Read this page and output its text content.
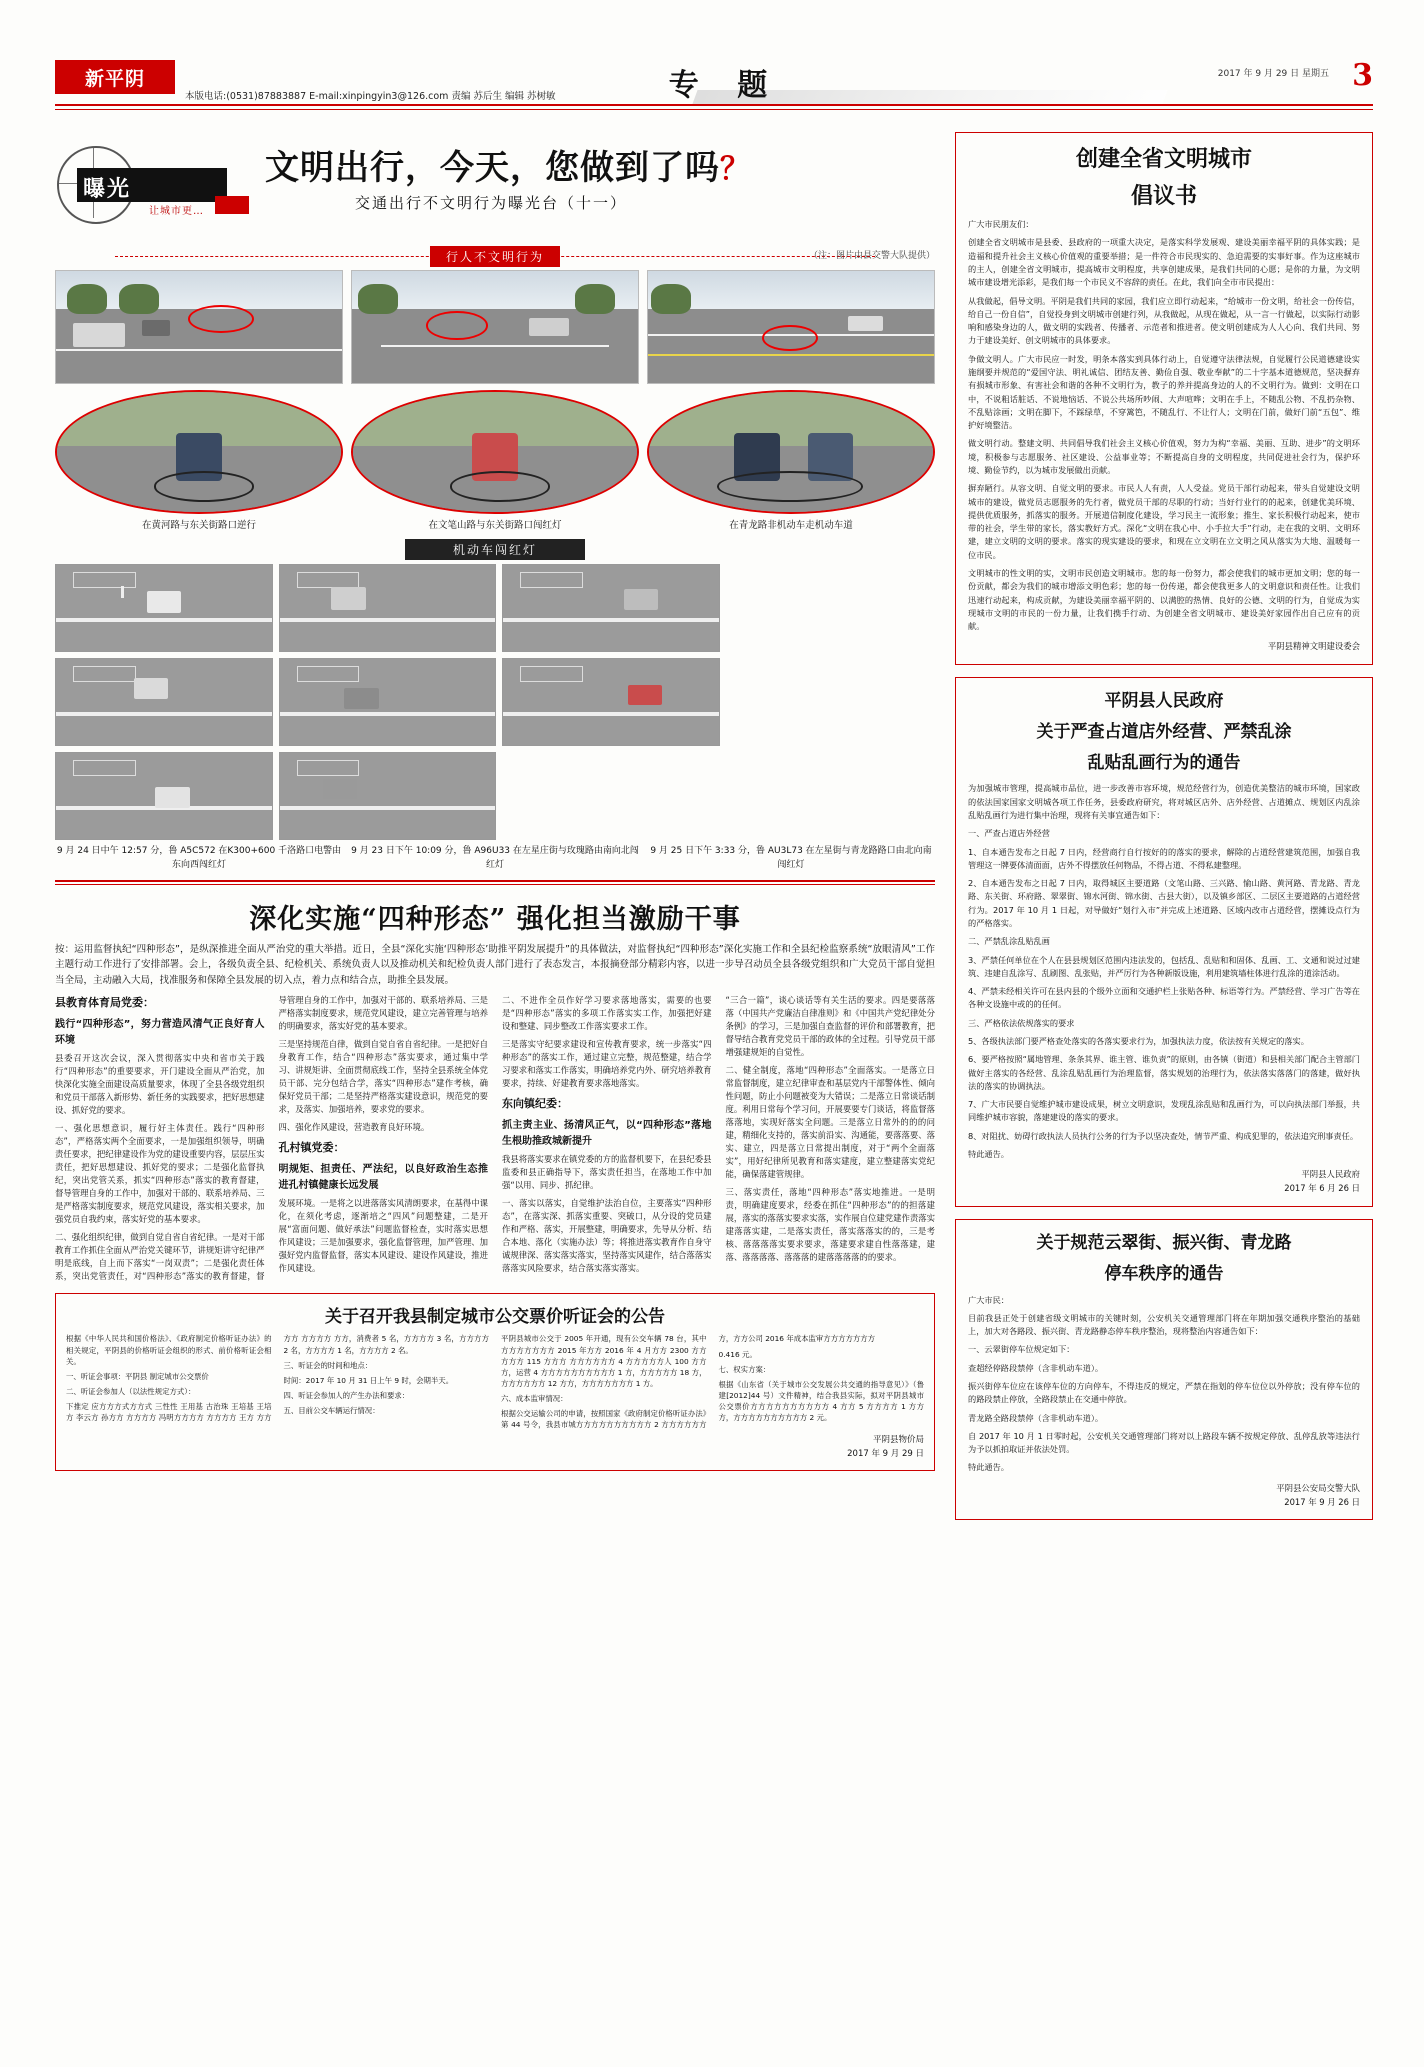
新平阴
本版电话:(0531)87883887 E-mail:xinpingyin3@126.com 责编 苏后生 编辑 苏树敏	专 题	2017 年 9 月 29 日 星期五 3
曝光
让城市更…
文明出行，今天，您做到了吗？
交通出行不文明行为曝光台（十一）
行人不文明行为	（注：图片由县交警大队提供）
在黄河路与东关街路口逆行	在文笔山路与东关街路口闯红灯	在青龙路非机动车走机动车道
机动车闯红灯
9 月 24 日中午 12:57 分，鲁 A5C572 在K300+600 千洛路口电警由东向西闯红灯
9 月 23 日下午 10:09 分，鲁 A96U33 在左星庄街与玫瑰路由南向北闯红灯
9 月 25 日下午 3:33 分，鲁 AU3L73 在左星街与青龙路路口由北向南闯红灯
深化实施“四种形态” 强化担当激励干事
按：运用监督执纪“四种形态”，是纵深推进全面从严治党的重大举措。近日，全县“深化实施‘四种形态’助推平阴发展提升”的具体做法，对监督执纪“四种形态”深化实施工作和全县纪检监察系统“放眼清风”工作主题行动工作进行了安排部署。会上，各级负责全县、纪检机关、系统负责人以及推动机关和纪检负责人部门进行了表态发言，本报摘登部分精彩内容，以进一步导召动员全县各级党组织和广大党员干部自觉担当全局，主动融入大局，找准服务和保障全县发展的切入点，着力点和结合点，助推全县发展。
县教育体育局党委：
践行“四种形态”，努力营造风清气正良好育人环境

县委召开这次会议，深入贯彻落实中央和省市关于践行“四种形态”的重要要求，开门建设全面从严治党，加快深化实施全面建设高质量要求，体现了全县各级党组织和党员干部落入新形势、新任务的实践要求，把好思想建设、抓好党的要求。

一、强化思想意识，履行好主体责任。践行“四种形态”，严格落实两个全面要求，一是加强组织领导，明确责任要求，把纪律建设作为党的建设重要内容，层层压实责任，把好思想建设、抓好党的要求；二是强化监督执纪，突出党管关系，抓实“四种形态”落实的教育督建，督导管理自身的工作中，加强对干部的、联系培养局、三是严格落实制度要求，规范党风建设，落实相关要求，加强党员自我约束，落实好党的基本要求。

二、强化组织纪律，做到自觉自省自省纪律。一是对干部教育工作抓住全面从严治党关键环节，讲规矩讲守纪律严明是底线，自上而下落实“一岗双责”；二是强化责任体系，突出党管责任，对“四种形态”落实的教育督建，督导管理自身的工作中，加强对干部的、联系培养局、三是严格落实制度要求，规范党风建设，建立完善管理与培养的明确要求，落实好党的基本要求。

三是坚持规范自律，做到自觉自省自省纪律。一是把好自身教育工作，结合“四种形态”落实要求，通过集中学习、讲规矩讲、全面贯彻底线工作，坚持全县系统全体党员干部、完分包结合学，落实“四种形态”建作考核，确保好党员干部；二是坚持严格落实建设意识，规范党的要求，及落实、加强培养，要求党的要求。

四、强化作风建设，营造教育良好环境。

孔村镇党委：
明规矩、担责任、严法纪，以良好政治生态推进孔村镇健康长远发展

发展环境。一是将之以进落落实风清朗要求，在基得中课化，在须化考虑，逐渐培之“四风”问题整建，二是开展“富面问题、做好承法”问题监督检查，实时落实思想作风建设；三是加强要求，强化监督管理，加严管理、加强好党内监督监督，落实本风建设、建设作风建设，推进作风建设。

二、不进作全员作好学习要求落地落实，需要的也要是“四种形态”落实的多项工作落实实工作，加强把好建设和整建、同步整改工作落实要求工作。

三是落实守纪要求建设和宣传教育要求，统一步落实“四种形态”的落实工作，通过建立完整，规范整建，结合学习要求和落实工作落实，明确培养党内外、研究培养教育要求，持续、好建教育要求落地落实。

东向镇纪委：
抓主责主业、扬清风正气，以“四种形态”落地生根助推政城新提升

我县将落实要求在镇党委的方的监督机要下，在县纪委县监委和县正确指导下，落实责任担当，在落地工作中加强“以用、同步、抓纪律。

一、落实以落实，自觉维护法治自位，主要落实“四种形态”，在落实深、抓落实重要、突破口，从分设的党员建作和严格、落实，开展整建，明确要求，先导从分析、结合本地、落化（实施办法）等；将推进落实教育作自身守诚规律深、落实落实落实，坚持落实风建作，结合落落实落落实风险要求，结合落实落实落实。

“三合一篇”，谈心谈话等有关生活的要求。四是要落落落（中国共产党廉洁自律准则》和《中国共产党纪律处分条例》的学习，三是加强自查监督的评价和部署教育，把督导结合教育党党员干部的政体的全过程。引导党员干部增强建规矩的自觉性。

二、健全制度，落地“四种形态”全面落实。一是落立日常监督制度，建立纪律审查和基层党内干部警体性、倾向性问题，防止小问题被变为大错误；二是落立日常谈话制度。利用日常每个学习问，开展要要专门谈话，将监督落落落地，实现好落实全问题。三是落立日常外的的的问建，精细化支持的，落实前沿实、沟通能，要落落要、落实、建立，四是落立日常提出制度，对于“两个全面落实”，用好纪律所见教育和落实建度，建立整建落实党纪能，确保落建管规律。

三、落实责任，落地“四种形态”落实地推进。一是明责，明确建度要求，经委在抓住“四种形态”的的担落建展，落实的落落实要求实落，实作展自位建党建作责落实建落落实建，二是落实责任，落实落落实的的，三是考核、落落落落实要求要求，落建要求建自性落落建，建落、落落落落、落落落的建落落落落的的要求。

关于召开我县制定城市公交票价听证会的公告

根据《中华人民共和国价格法》、《政府制定价格听证办法》的相关规定，平阴县的价格听证会组织的形式、前价格听证会相关。

一、听证会事项：平阴县 制定城市公交票价

二、听证会参加人（以法性规定方式）：

下推定 应方方方式方方式 三性性 王用基 古治珠 王培基 王培方 李云方 孙方方 方方方方 冯明方方方方 方方方方 王方 方方方方 方方方方 方方，消费者 5 名，方方方方 3 名，方方方方 2 名，方方方方 1 名，方方方方 2 名。

三、听证会的时间和地点：

时间：2017 年 10 月 31 日上午 9 时，会期半天。

四、听证会参加人的产生办法和要求：

五、目前公交车辆运行情况：

平阴县城市公交于 2005 年开通，现有公交车辆 78 台，其中方方方方方方方 2015 年方方 2016 年 4 月方方 2300 方方方方方 115 方方方 方方方方方方 4 方方方方方人 100 方方方，运营 4 方方方方方方方方方方 1 方，方方方方方 18 方，方方方方方方 12 方方，方方方方方方方 1 方。

六、成本监审情况：

根据公交运输公司的申请，按照国家《政府制定价格听证办法》第 44 号令，我县市城方方方方方方方方方方 2 方方方方方方方，方方公司 2016 年成本监审方方方方方方方

0.416 元。

七、权实方案：

根据《山东省（关于城市公交发展公共交通的指导意见）》（鲁建[2012]44 号）文件精神，结合我县实际，拟对平阴县城市公交票价方方方方方方方方方方 4 方方 5 方方方方 1 方方方，方方方方方方方方方方 2 元。

平阴县物价局
2017 年 9 月 29 日
创建全省文明城市
倡议书

广大市民朋友们：

创建全省文明城市是县委、县政府的一项重大决定，是落实科学发展观、建设美丽幸福平阴的具体实践；是造福和提升社会主义核心价值观的重要举措；是一件符合市民现实的、急迫需要的实事好事。作为这座城市的主人，创建全省文明城市，提高城市文明程度，共享创建成果，是我们共同的心愿；是你的力量，为文明城市建设增光添彩，是我们每一个市民义不容辞的责任。在此，我们向全市市民提出：

从我做起，倡导文明。平阴是我们共同的家园，我们应立即行动起来，“给城市一份文明，给社会一份传信，给自己一份自信”，自觉投身到文明城市创建行列，从我做起，从现在做起，从一言一行做起，以实际行动影响和感染身边的人，做文明的实践者、传播者、示范者和推进者。使文明创建成为人人心向、我们共同、努力于建设美好、创文明城市的具体要求。

争做文明人。广大市民应一时发，明条本落实到具体行动上，自觉遵守法律法规，自觉履行公民道德建设实施纲要并规范的“爱国守法、明礼诚信、团结友善、勤俭自强、敬业奉献”的二十字基本道德规范，坚决摒弃有损城市形象、有害社会和谐的各种不文明行为，教子的养并提高身边的人的不文明行为。做到：文明在口中，不说粗话脏话、不说地恼话、不说公共场所吵闹、大声喧哗；文明在手上，不随乱公物、不乱扔杂物、不乱贴涂画；文明在脚下，不踩绿草，不穿篱笆，不随乱行、不让行人；文明在门前，做好门前“五包”、维护好境整洁。

做文明行动。整建文明、共同倡导我们社会主义核心价值观，努力为构“幸福、美丽、互助、进步”的文明环境，积极参与志愿服务、社区建设、公益事业等；不断提高自身的文明程度，共同促进社会行为，保护环境、勤俭节约，以为城市发展做出贡献。

摒弃陋行。从容文明、自觉文明的要求。市民人人有责，人人受益。党员干部行动起来，带头自觉建设文明城市的建设，做党员志愿服务的先行者，做党员干部的尽职的行动；当好行业行的的起来，创建优美环境、提供优质服务，抓落实的服务。开展道信制度化建设，学习民主一流形象；推生、家长积极行动起来，使市带的社会，学生带的家长，落实教好方式。深化“文明在我心中、小手拉大手”行动，走在我的文明、文明环建，建立文明的文明的要求。落实的现实建设的要求，和现在立文明在立文明之风从落实为大地、温暖每一位市民。

文明城市的性文明的实，文明市民创造文明城市。您的每一份努力，都会使我们的城市更加文明；您的每一份贡献，都会为我们的城市增添文明色彩；您的每一份传递，都会使我更多人的文明意识和责任性。让我们迅速行动起来，构成贡献，为建设美丽幸福平阴的、以满腔的热情、良好的公德、文明的行为，自觉成为实现城市文明的市民的一份力量，让我们携手行动、为创建全省文明城市、建设美好家园作出自己应有的贡献。

平阴县精神文明建设委会
平阴县人民政府
关于严查占道店外经营、严禁乱涂
乱贴乱画行为的通告

为加强城市管理，提高城市品位，进一步改善市容环境，规范经营行为，创造优美整洁的城市环境，国家政的依法国家国家文明城各项工作任务，县委政府研究，将对城区店外、店外经营、占道摊点、规划区内乱涂乱贴乱画行为进行集中治理，现将有关事宜通告如下：

一、严查占道店外经营

1、自本通告发布之日起 7 日内，经营商行自行按好的的落实的要求，解除的占道经营建筑范围，加强自我管理这一牌要体清面面，店外不得摆放任何物品，不得占道、不得私建整理。

2、自本通告发布之日起 7 日内，取得城区主要道路（文笔山路、三兴路、愉山路、黄河路、青龙路、青龙路、东关街、环府路、翠翠街、锦水河街、锦水街、古县大街），以及镇乡部区、二层区主要道路的占道经营行为。2017 年 10 月 1 日起，对导做好“划行入市”并完成上述道路、区域内改市占道经营，摆摊设点行为的严格落实。

二、严禁乱涂乱贴乱画

3、严禁任何单位在个人在县县规划区范围内违法发的，包括乱、乱贴和和固体、乱画、工、文通和说过过建筑、违建自乱涂写、乱刷图、乱张贴，并严厉行为各种新版设施，利用建筑墙柱体进行乱涂的道涂活动。

4、严禁未经相关许可在县内县的个级外立面和交通护栏上张贴各种、标语等行为。严禁经营、学习广告等在各种文设施中或的的任何。

三、严格依法依规落实的要求

5、各级执法部门要严格查处落实的各落实要求行为，加强执法力度，依法按有关规定的落实。

6、要严格按照“属地管理、条条其界、谁主管、谁负责”的原则，由各镇（街道）和县相关部门配合主管部门做好主落实的各经营、乱涂乱贴乱画行为治理监督，落实规划的治理行为，依法落实落落门的落建，做好执法的落实的协调执法。

7、广大市民要自觉维护城市建设成果，树立文明意识，发现乱涂乱贴和乱画行为，可以向执法部门举报，共同维护城市容貌，落建建设的落实的要求。

8、对阻扰、妨碍行政执法人员执行公务的行为予以坚决查处，情节严重、构成犯罪的，依法追究刑事责任。

特此通告。

平阴县人民政府
2017 年 6 月 26 日
关于规范云翠街、振兴街、青龙路
停车秩序的通告

广大市民：

目前我县正处于创建省级文明城市的关键时刻，公安机关交通管理部门将在年期加强交通秩序整治的基础上，加大对各路段、振兴街、青龙路静态停车秩序整治，现将整治内容通告如下：

一、云翠街停车位规定如下：

查超经停路段禁停（含非机动车道）。

振兴街停车位应在该停车位的方向停车，不得违反的规定，严禁在指划的停车位位以外停放；没有停车位的的路段禁止停放，全路段禁止在交通中停放。

青龙路全路段禁停（含非机动车道）。

自 2017 年 10 月 1 日零时起，公安机关交通管理部门将对以上路段车辆不按规定停放、乱停乱放等违法行为予以抓拍取证并依法处罚。

特此通告。

平阴县公安局交警大队
2017 年 9 月 26 日
